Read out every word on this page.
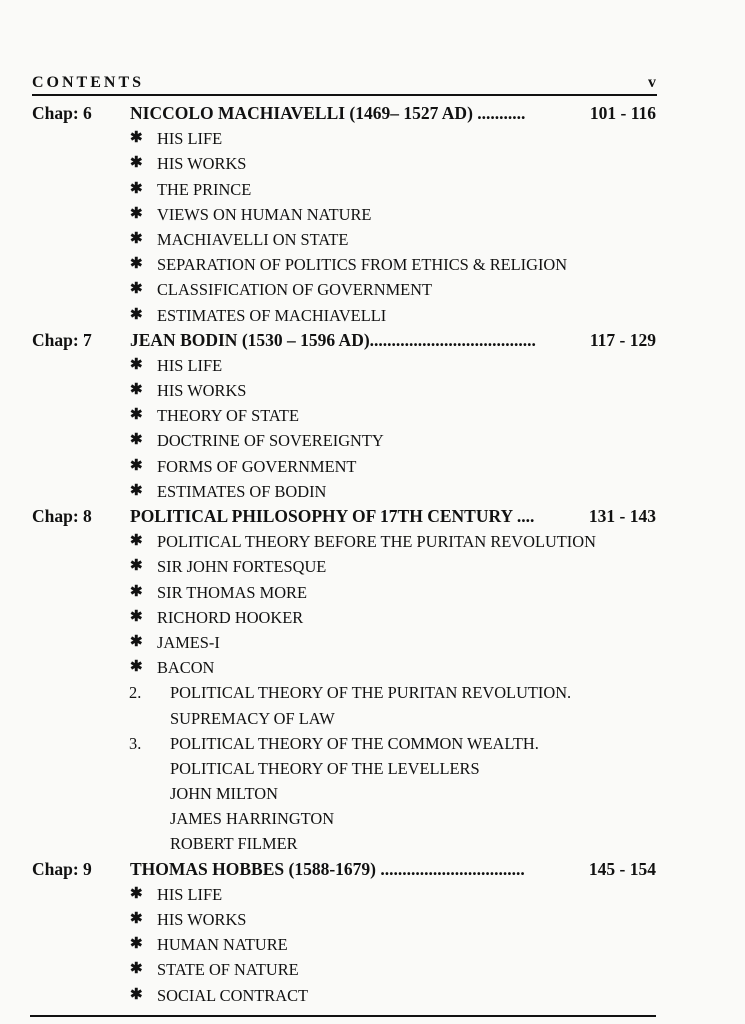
CONTENTS	v
Chap: 6 NICCOLO MACHIAVELLI (1469– 1527 AD) ...........	101 - 116
✱ HIS LIFE
✱ HIS WORKS
✱ THE PRINCE
✱ VIEWS ON HUMAN NATURE
✱ MACHIAVELLI ON STATE
✱ SEPARATION OF POLITICS FROM ETHICS & RELIGION
✱ CLASSIFICATION OF GOVERNMENT
✱ ESTIMATES OF MACHIAVELLI
Chap: 7 JEAN BODIN (1530 – 1596 AD)......................................	117 - 129
✱ HIS LIFE
✱ HIS WORKS
✱ THEORY OF STATE
✱ DOCTRINE OF SOVEREIGNTY
✱ FORMS OF GOVERNMENT
✱ ESTIMATES OF BODIN
Chap: 8 POLITICAL PHILOSOPHY OF 17TH CENTURY ....	131 - 143
✱ POLITICAL THEORY BEFORE THE PURITAN REVOLUTION
✱ SIR JOHN FORTESQUE
✱ SIR THOMAS MORE
✱ RICHORD HOOKER
✱ JAMES-I
✱ BACON
2. POLITICAL THEORY OF THE PURITAN REVOLUTION.
SUPREMACY OF LAW
3. POLITICAL THEORY OF THE COMMON WEALTH.
POLITICAL THEORY OF THE LEVELLERS
JOHN MILTON
JAMES HARRINGTON
ROBERT FILMER
Chap: 9 THOMAS HOBBES (1588-1679) .................................	145 - 154
✱ HIS LIFE
✱ HIS WORKS
✱ HUMAN NATURE
✱ STATE OF NATURE
✱ SOCIAL CONTRACT
